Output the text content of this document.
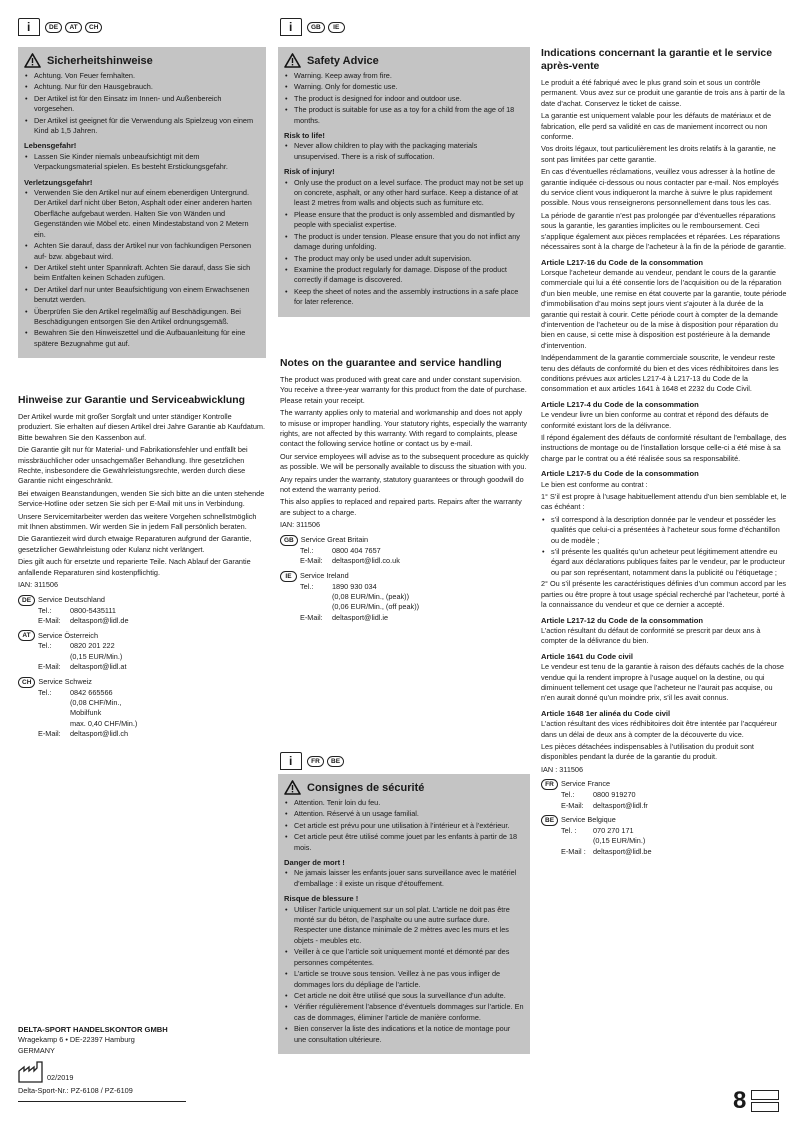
i
DE	AT	CH
Sicherheitshinweise
• Achtung. Von Feuer fernhalten.
• Achtung. Nur für den Hausgebrauch.
• Der Artikel ist für den Einsatz im Innen- und Außenbereich vorgesehen.
• Der Artikel ist geeignet für die Verwendung als Spielzeug von einem Kind ab 1,5 Jahren.
Lebensgefahr!
• Lassen Sie Kinder niemals unbeaufsichtigt mit dem Verpackungsmaterial spielen. Es besteht Erstickungsgefahr.
Verletzungsgefahr!
• Verwenden Sie den Artikel nur auf einem ebenerdigen Untergrund. Der Artikel darf nicht über Beton, Asphalt oder einer anderen harten Oberfläche aufgebaut werden. Halten Sie von Wänden und Gegenständen wie Möbel etc. einen Mindestabstand von 2 Metern ein.
• Achten Sie darauf, dass der Artikel nur von fachkundigen Personen auf- bzw. abgebaut wird.
• Der Artikel steht unter Spannkraft. Achten Sie darauf, dass Sie sich beim Entfalten keinen Schaden zufügen.
• Der Artikel darf nur unter Beaufsichtigung von einem Erwachsenen benutzt werden.
• Überprüfen Sie den Artikel regelmäßig auf Beschädigungen. Bei Beschädigungen entsorgen Sie den Artikel ordnungsgemäß.
• Bewahren Sie den Hinweiszettel und die Aufbauanleitung für eine spätere Bezugnahme gut auf.
Hinweise zur Garantie und Serviceabwicklung

Der Artikel wurde mit großer Sorgfalt und unter ständiger Kontrolle produziert. Sie erhalten auf diesen Artikel drei Jahre Garantie ab Kaufdatum. Bitte bewahren Sie den Kassenbon auf.

Die Garantie gilt nur für Material- und Fabrikationsfehler und entfällt bei missbräuchlicher oder unsachgemäßer Behandlung. Ihre gesetzlichen Rechte, insbesondere die Gewährleistungsrechte, werden durch diese Garantie nicht eingeschränkt.

Bei etwaigen Beanstandungen, wenden Sie sich bitte an die unten stehende Service-Hotline oder setzen Sie sich per E-Mail mit uns in Verbindung.

Unsere Servicemitarbeiter werden das weitere Vorgehen schnellstmöglich mit Ihnen abstimmen. Wir werden Sie in jedem Fall persönlich beraten.

Die Garantiezeit wird durch etwaige Reparaturen aufgrund der Garantie, gesetzlicher Gewährleistung oder Kulanz nicht verlängert.

Dies gilt auch für ersetzte und reparierte Teile. Nach Ablauf der Garantie anfallende Reparaturen sind kostenpflichtig.

IAN: 311506

DE Service Deutschland
Tel.:	0800-5435111
E-Mail:	deltasport@lidl.de
AT	Service Österreich
Tel.:	0820 201 222
(0,15 EUR/Min.)
E-Mail:	deltasport@lidl.at
CH Service Schweiz
Tel.:	0842 665566
(0,08 CHF/Min.,
Mobilfunk
max. 0,40 CHF/Min.)
E-Mail:	deltasport@lidl.ch
i
GB	IE
Safety Advice
• Warning. Keep away from fire.
• Warning. Only for domestic use.
• The product is designed for indoor and outdoor use.
• The product is suitable for use as a toy for a child from the age of 18 months.
Risk to life!
• Never allow children to play with the packaging materials unsupervised. There is a risk of suffocation.
Risk of injury!
• Only use the product on a level surface. The product may not be set up on concrete, asphalt, or any other hard surface. Keep a distance of at least 2 metres from walls and objects such as furniture etc.
• Please ensure that the product is only assembled and dismantled by people with specialist expertise.
• The product is under tension. Please ensure that you do not inflict any damage during unfolding.
• The product may only be used under adult supervision.
• Examine the product regularly for damage. Dispose of the product correctly if damage is discovered.
• Keep the sheet of notes and the assembly instructions in a safe place for later reference.
Notes on the guarantee and service handling

The product was produced with great care and under constant supervision. You receive a three-year warranty for this product from the date of purchase. Please retain your receipt.

The warranty applies only to material and workmanship and does not apply to misuse or improper handling. Your statutory rights, especially the warranty rights, are not affected by this warranty. With regard to complaints, please contact the following service hotline or contact us by e-mail.

Our service employees will advise as to the subsequent procedure as quickly as possible. We will be personally available to discuss the situation with you.

Any repairs under the warranty, statutory guarantees or through goodwill do not extend the warranty period.

This also applies to replaced and repaired parts. Repairs after the warranty are subject to a charge.

IAN: 311506

GB Service Great Britain
Tel.:	0800 404 7657
E-Mail:	deltasport@lidl.co.uk
IE	Service Ireland
Tel.:	1890 930 034
(0,08 EUR/Min., (peak))
(0,06 EUR/Min., (off peak))
E-Mail:	deltasport@lidl.ie
i
FR	BE
Consignes de sécurité
• Attention. Tenir loin du feu.
• Attention. Réservé à un usage familial.
• Cet article est prévu pour une utilisation à l’intérieur et à l’extérieur.
• Cet article peut être utilisé comme jouet par les enfants à partir de 18 mois.
Danger de mort !
• Ne jamais laisser les enfants jouer sans surveillance avec le matériel d’emballage : il existe un risque d’étouffement.
Risque de blessure !
• Utiliser l’article uniquement sur un sol plat. L’article ne doit pas être monté sur du béton, de l’asphalte ou une autre surface dure. Respecter une distance minimale de 2 mètres avec les murs et les objets - meubles etc.
• Veiller à ce que l’article soit uniquement monté et démonté par des personnes compétentes.
• L’article se trouve sous tension. Veillez à ne pas vous infliger de dommages lors du dépliage de l’article.
• Cet article ne doit être utilisé que sous la surveillance d’un adulte.
• Vérifier régulièrement l’absence d’éventuels dommages sur l’article. En cas de dommages, éliminer l’article de manière conforme.
• Bien conserver la liste des indications et la notice de montage pour une consultation ultérieure.
Indications concernant la garantie et le service après-vente

Le produit a été fabriqué avec le plus grand soin et sous un contrôle permanent. Vous avez sur ce produit une garantie de trois ans à partir de la date d’achat. Conservez le ticket de caisse.

La garantie est uniquement valable pour les défauts de matériaux et de fabrication, elle perd sa validité en cas de maniement incorrect ou non conforme.

Vos droits légaux, tout particulièrement les droits relatifs à la garantie, ne sont pas limitées par cette garantie.

En cas d’éventuelles réclamations, veuillez vous adresser à la hotline de garantie indiquée ci-dessous ou nous contacter par e-mail. Nos employés du service client vous indiqueront la marche à suivre le plus rapidement possible. Nous vous renseignerons personnellement dans tous les cas.

La période de garantie n’est pas prolongée par d’éventuelles réparations sous la garantie, les garanties implicites ou le remboursement. Ceci s’applique également aux pièces remplacées et réparées. Les réparations nécessaires sont à la charge de l’acheteur à la fin de la période de garantie.

Article L217-16 du Code de la consommation

Lorsque l’acheteur demande au vendeur, pendant le cours de la garantie commerciale qui lui a été consentie lors de l’acquisition ou de la réparation d’un bien meuble, une remise en état couverte par la garantie, toute période d’immobilisation d’au moins sept jours vient s’ajouter à la durée de la garantie qui restait à courir. Cette période court à compter de la demande d’intervention de l’acheteur ou de la mise à disposition pour réparation du bien en cause, si cette mise à disposition est postérieure à la demande d’intervention.

Indépendamment de la garantie commerciale souscrite, le vendeur reste tenu des défauts de conformité du bien et des vices rédhibitoires dans les conditions prévues aux articles L217-4 à L217-13 du Code de la consommation et aux articles 1641 à 1648 et 2232 du Code Civil.

Article L217-4 du Code de la consommation

Le vendeur livre un bien conforme au contrat et répond des défauts de conformité existant lors de la délivrance.

Il répond également des défauts de conformité résultant de l’emballage, des instructions de montage ou de l’installation lorsque celle-ci a été mise à sa charge par le contrat ou a été réalisée sous sa responsabilité.

Article L217-5 du Code de la consommation

Le bien est conforme au contrat :

1° S’il est propre à l’usage habituellement attendu d’un bien semblable et, le cas échéant :

• s’il correspond à la description donnée par le vendeur et posséder les qualités que celui-ci a présentées à l’acheteur sous forme d’échantillon ou de modèle ;
• s’il présente les qualités qu’un acheteur peut légitimement attendre eu égard aux déclarations publiques faites par le vendeur, par le producteur ou par son représentant, notamment dans la publicité ou l’étiquetage ;

2° Ou s’il présente les caractéristiques définies d’un commun accord par les parties ou être propre à tout usage spécial recherché par l’acheteur, porté à la connaissance du vendeur et que ce dernier a accepté.

Article L217-12 du Code de la consommation

L’action résultant du défaut de conformité se prescrit par deux ans à compter de la délivrance du bien.

Article 1641 du Code civil

Le vendeur est tenu de la garantie à raison des défauts cachés de la chose vendue qui la rendent impropre à l’usage auquel on la destine, ou qui diminuent tellement cet usage que l’acheteur ne l’aurait pas acquise, ou n’en aurait donné qu’un moindre prix, s’il les avait connus.

Article 1648 1er alinéa du Code civil

L’action résultant des vices rédhibitoires doit être intentée par l’acquéreur dans un délai de deux ans à compter de la découverte du vice.

Les pièces détachées indispensables à l’utilisation du produit sont disponibles pendant la durée de la garantie du produit.

IAN : 311506

FR Service France
Tel.:	0800 919270
E-Mail:	deltasport@lidl.fr
BE Service Belgique
Tel. :	070 270 171
(0,15 EUR/Min.)
E-Mail : deltasport@lidl.be
DELTA-SPORT HANDELSKONTOR GMBH
Wragekamp 6 • DE-22397 Hamburg
GERMANY
02/2019
Delta-Sport-Nr.: PZ-6108 / PZ-6109	8
